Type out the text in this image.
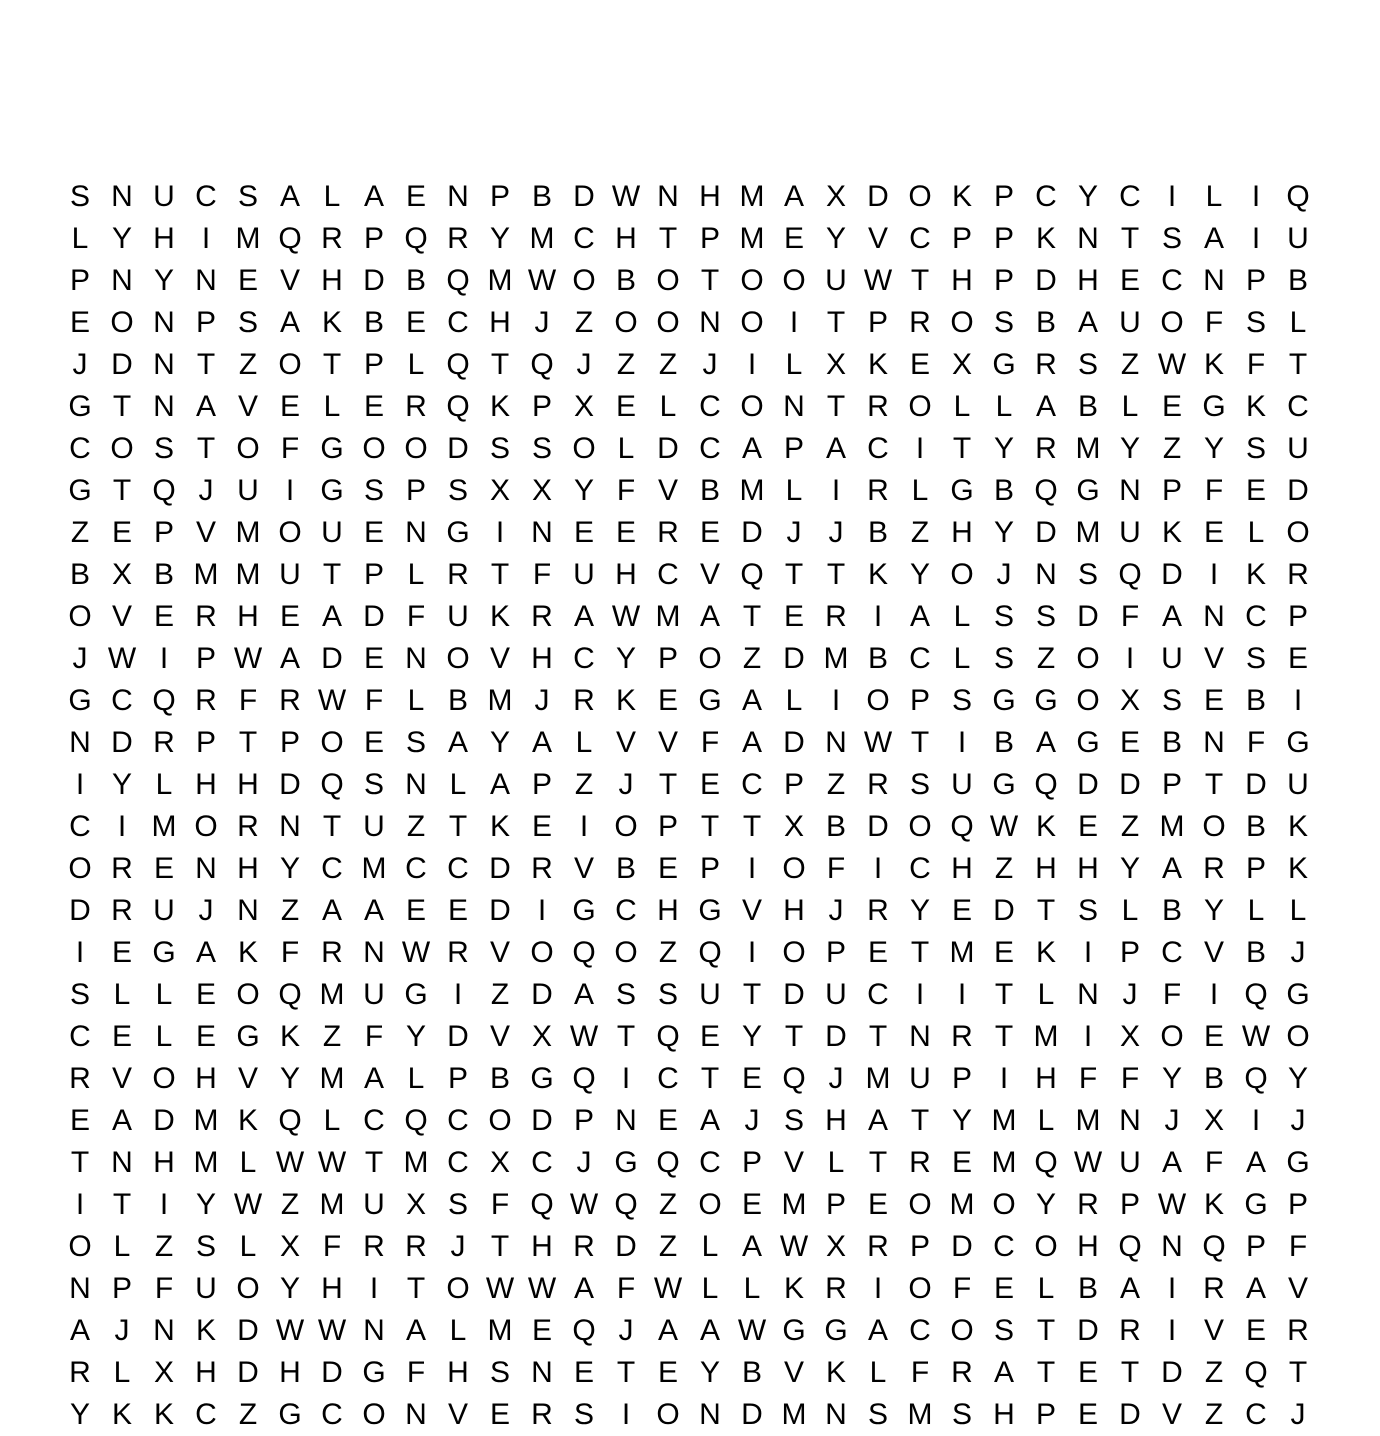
S N U C S A L A E N P B D W N H M A X D O K P C Y C I L I Q
L Y H I M Q R P Q R Y M C H T P M E Y V C P P K N T S A I U
P N Y N E V H D B Q M W O B O T O O U W T H P D H E C N P B
E O N P S A K B E C H J Z O O N O I T P R O S B A U O F S L
J D N T Z O T P L Q T Q J Z Z J	I L X K E X G R S Z W K F T
G T N A V E L E R Q K P X E L C O N T R O L L A B L E G K C
C O S T O F G O O D S S O L D C A P A C I T Y R M Y Z Y S U
G T Q J U I G S P S X X Y F V B M L I R L G B Q G N P F E D
Z E P V M O U E N G I N E E R E D J J B Z H Y D M U K E L O
B X B M M U T P L R T F U H C V Q T T K Y O J N S Q D I K R
O V E R H E A D F U K R A W M A T E R I A L S S D F A N C P
J W I P W A D E N O V H C Y P O Z D M B C L S Z O I U V S E
G C Q R F R W F L B M J R K E G A L I O P S G G O X S E B I
N D R P T P O E S A Y A L V V F A D N W T I B A G E B N F G
I Y L H H D Q S N L A P Z J T E C P Z R S U G Q D D P T D U
C I M O R N T U Z T K E I O P T T X B D O Q W K E Z M O B K
O R E N H Y C M C C D R V B E P I O F I C H Z H H Y A R P K
D R U J N Z A A E E D I G C H G V H J R Y E D T S L B Y L L
I E G A K F R N W R V O Q O Z Q I O P E T M E K I P C V B J
S L L E O Q M U G I Z D A S S U T D U C I	I T L N J F I Q G
C E L E G K Z F Y D V X W T Q E Y T D T N R T M I X O E W O
R V O H V Y M A L P B G Q I C T E Q J M U P I H F F Y B Q Y
E A D M K Q L C Q C O D P N E A J S H A T Y M L M N J X I	J
T N H M L W W T M C X C J G Q C P V L T R E M Q W U A F A G
I T I Y W Z M U X S F Q W Q Z O E M P E O M O Y R P W K G P
O L Z S L X F R R J T H R D Z L A W X R P D C O H Q N Q P F
N P F U O Y H I T O W W A F W L L K R I O F E L B A I R A V
A J N K D W W N A L M E Q J A A W G G A C O S T D R I V E R
R L X H D H D G F H S N E T E Y B V K L F R A T E T D Z Q T
Y K K C Z G C O N V E R S I O N D M N S M S H P E D V Z C J
